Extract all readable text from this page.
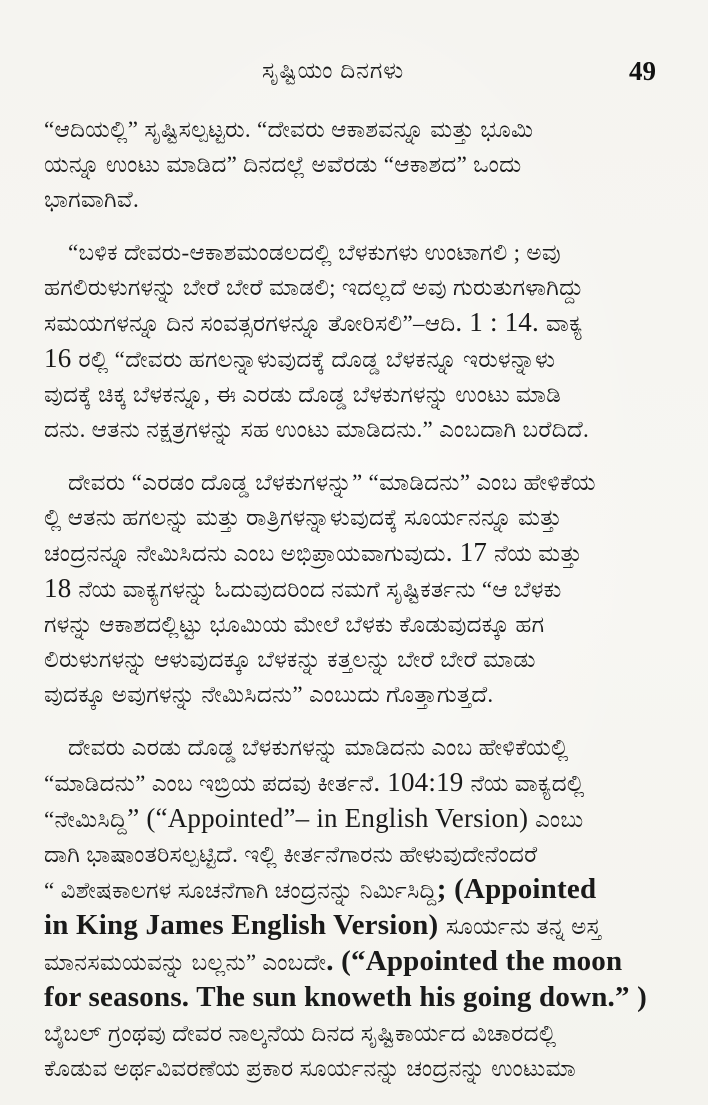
ಸೃಷ್ಟಿಯಂ ದಿನಗಳು	49
“ಆದಿಯಲ್ಲಿ” ಸೃಷ್ಟಿಸಲ್ಪಟ್ಟರು. “ದೇವರು ಆಕಾಶವನ್ನೂ ಮತ್ತು ಭೂಮಿ
ಯನ್ನೂ ಉಂಟು ಮಾಡಿದ” ದಿನದಲ್ಲೆ ಅವೆರಡು “ಆಕಾಶದ” ಒಂದು
ಭಾಗವಾಗಿವೆ.
“ಬಳಿಕ ದೇವರು-ಆಕಾಶಮಂಡಲದಲ್ಲಿ ಬೆಳಕುಗಳು ಉಂಟಾಗಲಿ ; ಅವು
ಹಗಲಿರುಳುಗಳನ್ನು ಬೇರೆ ಬೇರೆ ಮಾಡಲಿ; ಇದಲ್ಲದೆ ಅವು ಗುರುತುಗಳಾಗಿದ್ದು
ಸಮಯಗಳನ್ನೂ ದಿನ ಸಂವತ್ಸರಗಳನ್ನೂ ತೋರಿಸಲಿ”–ಆದಿ. 1 : 14. ವಾಕ್ಯ
16 ರಲ್ಲಿ “ದೇವರು ಹಗಲನ್ನಾಳುವುದಕ್ಕೆ ದೊಡ್ಡ ಬೆಳಕನ್ನೂ ಇರುಳನ್ನಾಳು
ವುದಕ್ಕೆ ಚಿಕ್ಕ ಬೆಳಕನ್ನೂ, ಈ ಎರಡು ದೊಡ್ಡ ಬೆಳಕುಗಳನ್ನು ಉಂಟು ಮಾಡಿ
ದನು. ಆತನು ನಕ್ಷತ್ರಗಳನ್ನು ಸಹ ಉಂಟು ಮಾಡಿದನು.” ಎಂಬದಾಗಿ ಬರೆದಿದೆ.
ದೇವರು “ಎರಡಂ ದೊಡ್ಡ ಬೆಳಕುಗಳನ್ನು” “ಮಾಡಿದನು” ಎಂಬ ಹೇಳಿಕೆಯ
ಲ್ಲಿ ಆತನು ಹಗಲನ್ನು ಮತ್ತು ರಾತ್ರಿಗಳನ್ನಾಳುವುದಕ್ಕೆ ಸೂರ್ಯನನ್ನೂ ಮತ್ತು
ಚಂದ್ರನನ್ನೂ ನೇಮಿಸಿದನು ಎಂಬ ಅಭಿಪ್ರಾಯವಾಗುವುದು. 17 ನೆಯ ಮತ್ತು
18 ನೆಯ ವಾಕ್ಯಗಳನ್ನು ಓದುವುದರಿಂದ ನಮಗೆ ಸೃಷ್ಟಿಕರ್ತನು “ಆ ಬೆಳಕು
ಗಳನ್ನು ಆಕಾಶದಲ್ಲಿಟ್ಟು ಭೂಮಿಯ ಮೇಲೆ ಬೆಳಕು ಕೊಡುವುದಕ್ಕೂ ಹಗ
ಲಿರುಳುಗಳನ್ನು ಆಳುವುದಕ್ಕೂ ಬೆಳಕನ್ನು ಕತ್ತಲನ್ನು ಬೇರೆ ಬೇರೆ ಮಾಡು
ವುದಕ್ಕೂ ಅವುಗಳನ್ನು ನೇಮಿಸಿದನು” ಎಂಬುದು ಗೊತ್ತಾಗುತ್ತದೆ.
ದೇವರು ಎರಡು ದೊಡ್ಡ ಬೆಳಕುಗಳನ್ನು ಮಾಡಿದನು ಎಂಬ ಹೇಳಿಕೆಯಲ್ಲಿ
“ಮಾಡಿದನು” ಎಂಬ ಇಬ್ರಿಯ ಪದವು ಕೀರ್ತನೆ. 104:19 ನೆಯ ವಾಕ್ಯದಲ್ಲಿ
“ನೇಮಿಸಿದ್ದಿ” (“Appointed”– in English Version) ಎಂಬು
ದಾಗಿ ಭಾಷಾಂತರಿಸಲ್ಪಟ್ಟಿದೆ. ಇಲ್ಲಿ ಕೀರ್ತನೆಗಾರನು ಹೇಳುವುದೇನೆಂದರೆ
“ ವಿಶೇಷಕಾಲಗಳ ಸೂಚನೆಗಾಗಿ ಚಂದ್ರನನ್ನು ನಿರ್ಮಿಸಿದ್ದಿ; (Appointed
in King James English Version) ಸೂರ್ಯನು ತನ್ನ ಅಸ್ತ
ಮಾನಸಮಯವನ್ನು ಬಲ್ಲನು” ಎಂಬದೇ. (“Appointed the moon
for seasons. The sun knoweth his going down.” )
ಬೈಬಲ್ ಗ್ರಂಥವು ದೇವರ ನಾಲ್ಕನೆಯ ದಿನದ ಸೃಷ್ಟಿಕಾರ್ಯದ ವಿಚಾರದಲ್ಲಿ
ಕೊಡುವ ಅರ್ಥವಿವರಣೆಯ ಪ್ರಕಾರ ಸೂರ್ಯನನ್ನು ಚಂದ್ರನನ್ನು ಉಂಟುಮಾ
